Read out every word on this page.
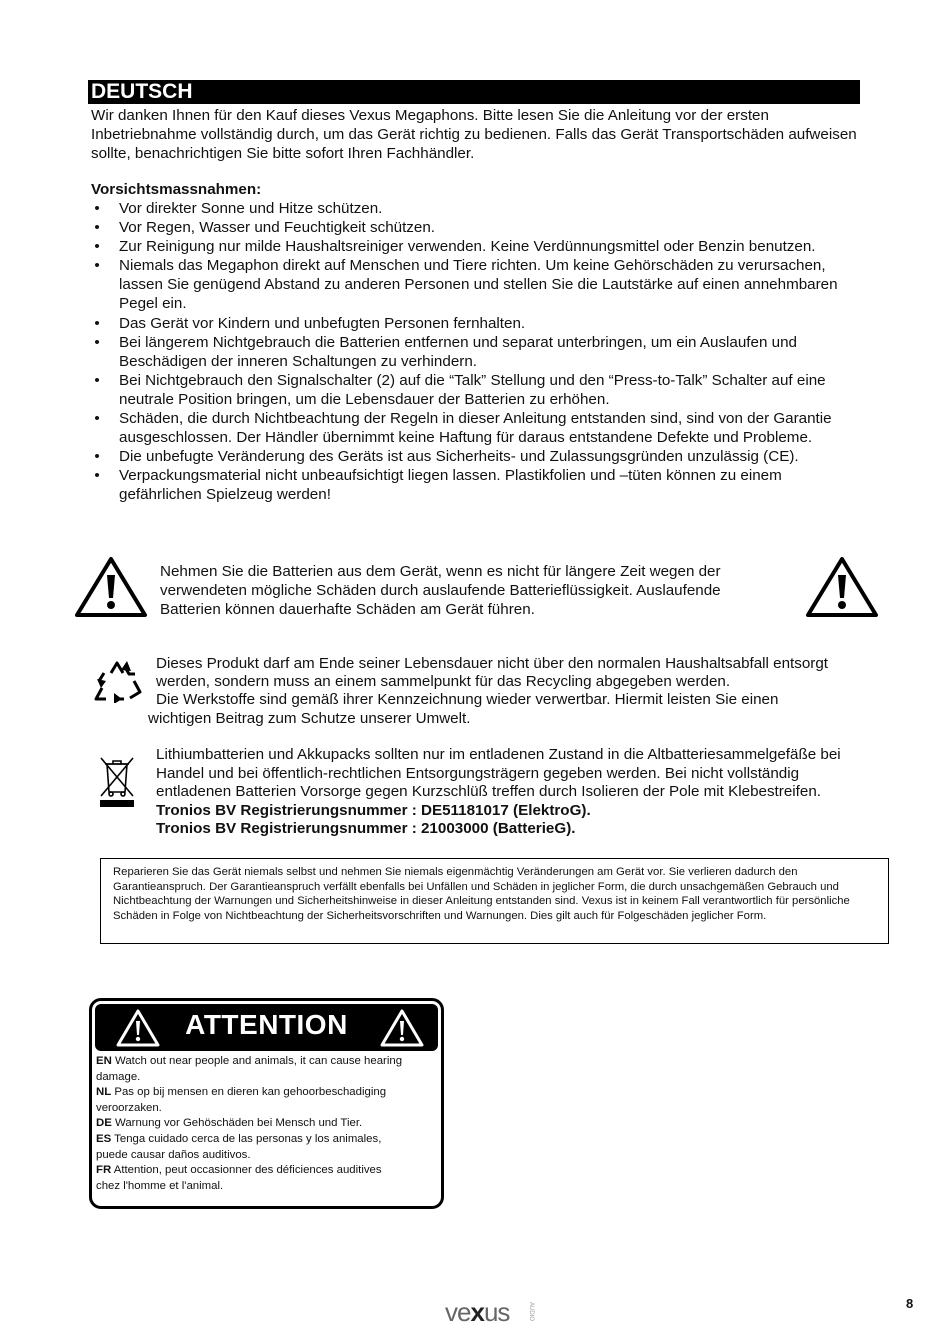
DEUTSCH

Wir danken Ihnen für den Kauf dieses Vexus Megaphons. Bitte lesen Sie die Anleitung vor der ersten Inbetriebnahme vollständig durch, um das Gerät richtig zu bedienen. Falls das Gerät Transportschäden aufweisen sollte, benachrichtigen Sie bitte sofort Ihren Fachhändler.

Vorsichtsmassnahmen:

• Vor direkter Sonne und Hitze schützen.
• Vor Regen, Wasser und Feuchtigkeit schützen.
• Zur Reinigung nur milde Haushaltsreiniger verwenden. Keine Verdünnungsmittel oder Benzin benutzen.
• Niemals das Megaphon direkt auf Menschen und Tiere richten. Um keine Gehörschäden zu verursachen, lassen Sie genügend Abstand zu anderen Personen und stellen Sie die Lautstärke auf einen annehmbaren Pegel ein.
• Das Gerät vor Kindern und unbefugten Personen fernhalten.
• Bei längerem Nichtgebrauch die Batterien entfernen und separat unterbringen, um ein Auslaufen und Beschädigen der inneren Schaltungen zu verhindern.
• Bei Nichtgebrauch den Signalschalter (2) auf die “Talk” Stellung und den “Press-to-Talk” Schalter auf eine neutrale Position bringen, um die Lebensdauer der Batterien zu erhöhen.
• Schäden, die durch Nichtbeachtung der Regeln in dieser Anleitung entstanden sind, sind von der Garantie ausgeschlossen. Der Händler übernimmt keine Haftung für daraus entstandene Defekte und Probleme.
• Die unbefugte Veränderung des Geräts ist aus Sicherheits- und Zulassungsgründen unzulässig (CE).
• Verpackungsmaterial nicht unbeaufsichtigt liegen lassen. Plastikfolien und –tüten können zu einem gefährlichen Spielzeug werden!

Nehmen Sie die Batterien aus dem Gerät, wenn es nicht für längere Zeit wegen der verwendeten mögliche Schäden durch auslaufende Batterieflüssigkeit. Auslaufende Batterien können dauerhafte Schäden am Gerät führen.

Dieses Produkt darf am Ende seiner Lebensdauer nicht über den normalen Haushaltsabfall entsorgt werden, sondern muss an einem sammelpunkt für das Recycling abgegeben werden.
Die Werkstoffe sind gemäß ihrer Kennzeichnung wieder verwertbar. Hiermit leisten Sie einen
wichtigen Beitrag zum Schutze unserer Umwelt.
Lithiumbatterien und Akkupacks sollten nur im entladenen Zustand in die Altbatteriesammelgefäße bei Handel und bei öffentlich-rechtlichen Entsorgungsträgern gegeben werden. Bei nicht vollständig entladenen Batterien Vorsorge gegen Kurzschlüß treffen durch Isolieren der Pole mit Klebestreifen.
Tronios BV Registrierungsnummer : DE51181017 (ElektroG).
Tronios BV Registrierungsnummer : 21003000 (BatterieG).

Reparieren Sie das Gerät niemals selbst und nehmen Sie niemals eigenmächtig Veränderungen am Gerät vor. Sie verlieren dadurch den Garantieanspruch. Der Garantieanspruch verfällt ebenfalls bei Unfällen und Schäden in jeglicher Form, die durch unsachgemäßen Gebrauch und Nichtbeachtung der Warnungen und Sicherheitshinweise in dieser Anleitung entstanden sind. Vexus ist in keinem Fall verantwortlich für persönliche Schäden in Folge von Nichtbeachtung der Sicherheitsvorschriften und Warnungen. Dies gilt auch für Folgeschäden jeglicher Form.

ATTENTION
EN Watch out near people and animals, it can cause hearing
damage.
NL Pas op bij mensen en dieren kan gehoorbeschadiging
veroorzaken.
DE Warnung vor Gehöschäden bei Mensch und Tier.
ES Tenga cuidado cerca de las personas y los animales,
puede causar daños auditivos.
FR Attention, peut occasionner des déficiences auditives
chez l'homme et l'animal.
vexus	AUDIO	8
